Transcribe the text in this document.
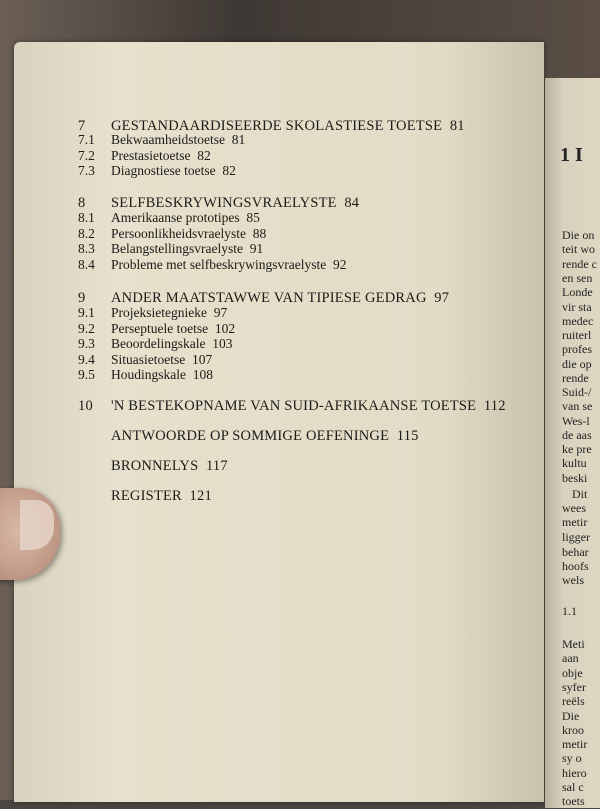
7 GESTANDAARDISEERDE SKOLASTIESE TOETSE 81
7.1 Bekwaamheidstoetse 81
7.2 Prestasietoetse 82
7.3 Diagnostiese toetse 82
8 SELFBESKRYWINGSVRAELYSTE 84
8.1 Amerikaanse prototipes 85
8.2 Persoonlikheidsvraelyste 88
8.3 Belangstellingsvraelyste 91
8.4 Probleme met selfbeskrywingsvraelyste 92
9 ANDER MAATSTAWWE VAN TIPIESE GEDRAG 97
9.1 Projeksietegnieke 97
9.2 Perseptuele toetse 102
9.3 Beoordelingskale 103
9.4 Situasietoetse 107
9.5 Houdingskale 108
10 'N BESTEKOPNAME VAN SUID-AFRIKAANSE TOETSE 112
ANTWOORDE OP SOMMIGE OEFENINGE 115
BRONNELYS 117
REGISTER 121
1 I
Die on
teit wo
rende c
en sen
Londe
vir sta
medec
ruiterl
profes
die op
rende
Suid-/
van se
Wes-l
de aas
ke pre
kultu
beski
Dit
wees
metir
ligger
behar
hoofs
wels
1.1
Meti
aan
obje
syfer
reëls
Die
kroo
metir
sy o
hiero
sal c
toets
